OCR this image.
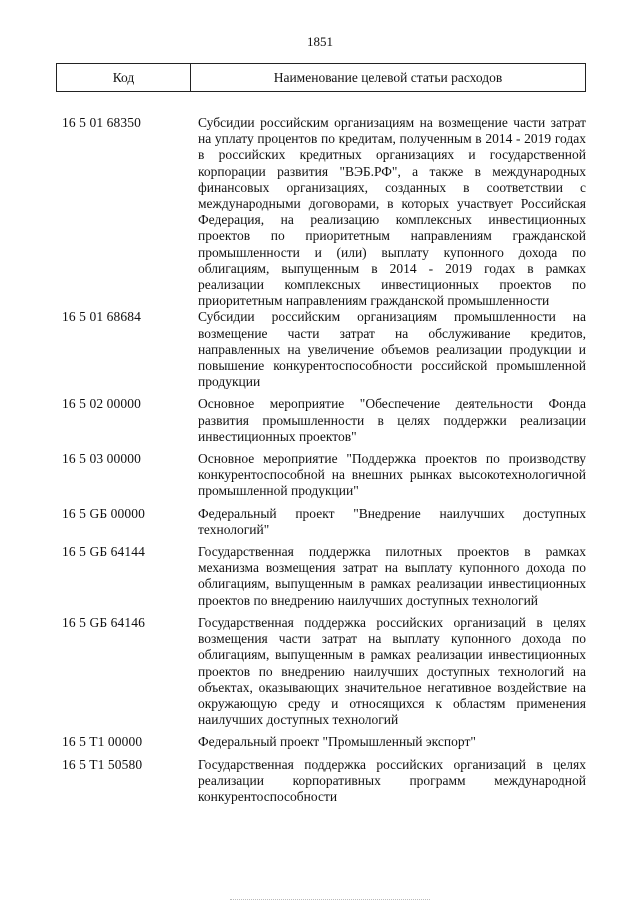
1851
Код	Наименование целевой статьи расходов
16 5 01 68350	Субсидии российским организациям на возмещение части затрат на уплату процентов по кредитам, полученным в 2014 - 2019 годах в российских кредитных организациях и государственной корпорации развития "ВЭБ.РФ", а также в международных финансовых организациях, созданных в соответствии с международными договорами, в которых участвует Российская Федерация, на реализацию комплексных инвестиционных проектов по приоритетным направлениям гражданской промышленности и (или) выплату купонного дохода по облигациям, выпущенным в 2014 - 2019 годах в рамках реализации комплексных инвестиционных проектов по приоритетным направлениям гражданской промышленности
16 5 01 68684	Субсидии российским организациям промышленности на возмещение части затрат на обслуживание кредитов, направленных на увеличение объемов реализации продукции и повышение конкурентоспособности российской промышленной продукции
16 5 02 00000	Основное мероприятие "Обеспечение деятельности Фонда развития промышленности в целях поддержки реализации инвестиционных проектов"
16 5 03 00000	Основное мероприятие "Поддержка проектов по производству конкурентоспособной на внешних рынках высокотехнологичной промышленной продукции"
16 5 GБ 00000	Федеральный проект "Внедрение наилучших доступных технологий"
16 5 GБ 64144	Государственная поддержка пилотных проектов в рамках механизма возмещения затрат на выплату купонного дохода по облигациям, выпущенным в рамках реализации инвестиционных проектов по внедрению наилучших доступных технологий
16 5 GБ 64146	Государственная поддержка российских организаций в целях возмещения части затрат на выплату купонного дохода по облигациям, выпущенным в рамках реализации инвестиционных проектов по внедрению наилучших доступных технологий на объектах, оказывающих значительное негативное воздействие на окружающую среду и относящихся к областям применения наилучших доступных технологий
16 5 T1 00000	Федеральный проект "Промышленный экспорт"
16 5 T1 50580	Государственная поддержка российских организаций в целях реализации корпоративных программ международной конкурентоспособности
